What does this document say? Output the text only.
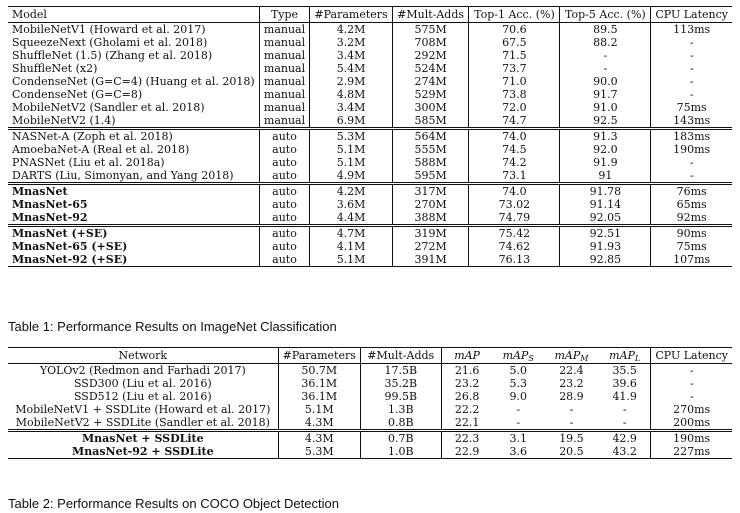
Model	Type	#Parameters	#Mult-Adds	Top-1 Acc. (%)	Top-5 Acc. (%)	CPU Latency
MobileNetV1 (Howard et al. 2017)	manual	4.2M	575M	70.6	89.5	113ms
SqueezeNext (Gholami et al. 2018)	manual	3.2M	708M	67.5	88.2	-
ShuffleNet (1.5) (Zhang et al. 2018)	manual	3.4M	292M	71.5	-	-
ShuffleNet (x2)	manual	5.4M	524M	73.7	-	-
CondenseNet (G=C=4) (Huang et al. 2018)	manual	2.9M	274M	71.0	90.0	-
CondenseNet (G=C=8)	manual	4.8M	529M	73.8	91.7	-
MobileNetV2 (Sandler et al. 2018)	manual	3.4M	300M	72.0	91.0	75ms
MobileNetV2 (1.4)	manual	6.9M	585M	74.7	92.5	143ms
NASNet-A (Zoph et al. 2018)	auto	5.3M	564M	74.0	91.3	183ms
AmoebaNet-A (Real et al. 2018)	auto	5.1M	555M	74.5	92.0	190ms
PNASNet (Liu et al. 2018a)	auto	5.1M	588M	74.2	91.9	-
DARTS (Liu, Simonyan, and Yang 2018)	auto	4.9M	595M	73.1	91	-
MnasNet	auto	4.2M	317M	74.0	91.78	76ms
MnasNet-65	auto	3.6M	270M	73.02	91.14	65ms
MnasNet-92	auto	4.4M	388M	74.79	92.05	92ms
MnasNet (+SE)	auto	4.7M	319M	75.42	92.51	90ms
MnasNet-65 (+SE)	auto	4.1M	272M	74.62	91.93	75ms
MnasNet-92 (+SE)	auto	5.1M	391M	76.13	92.85	107ms
Table 1: Performance Results on ImageNet Classification
Network	#Parameters	#Mult-Adds	mAP	mAP$_S$	mAP$_M$	mAP$_L$	CPU Latency
YOLOv2 (Redmon and Farhadi 2017)	50.7M	17.5B	21.6	5.0	22.4	35.5	-
SSD300 (Liu et al. 2016)	36.1M	35.2B	23.2	5.3	23.2	39.6	-
SSD512 (Liu et al. 2016)	36.1M	99.5B	26.8	9.0	28.9	41.9	-
MobileNetV1 + SSDLite (Howard et al. 2017)	5.1M	1.3B	22.2	-	-	-	270ms
MobileNetV2 + SSDLite (Sandler et al. 2018)	4.3M	0.8B	22.1	-	-	-	200ms
MnasNet + SSDLite	4.3M	0.7B	22.3	3.1	19.5	42.9	190ms
MnasNet-92 + SSDLite	5.3M	1.0B	22.9	3.6	20.5	43.2	227ms
Table 2: Performance Results on COCO Object Detection
